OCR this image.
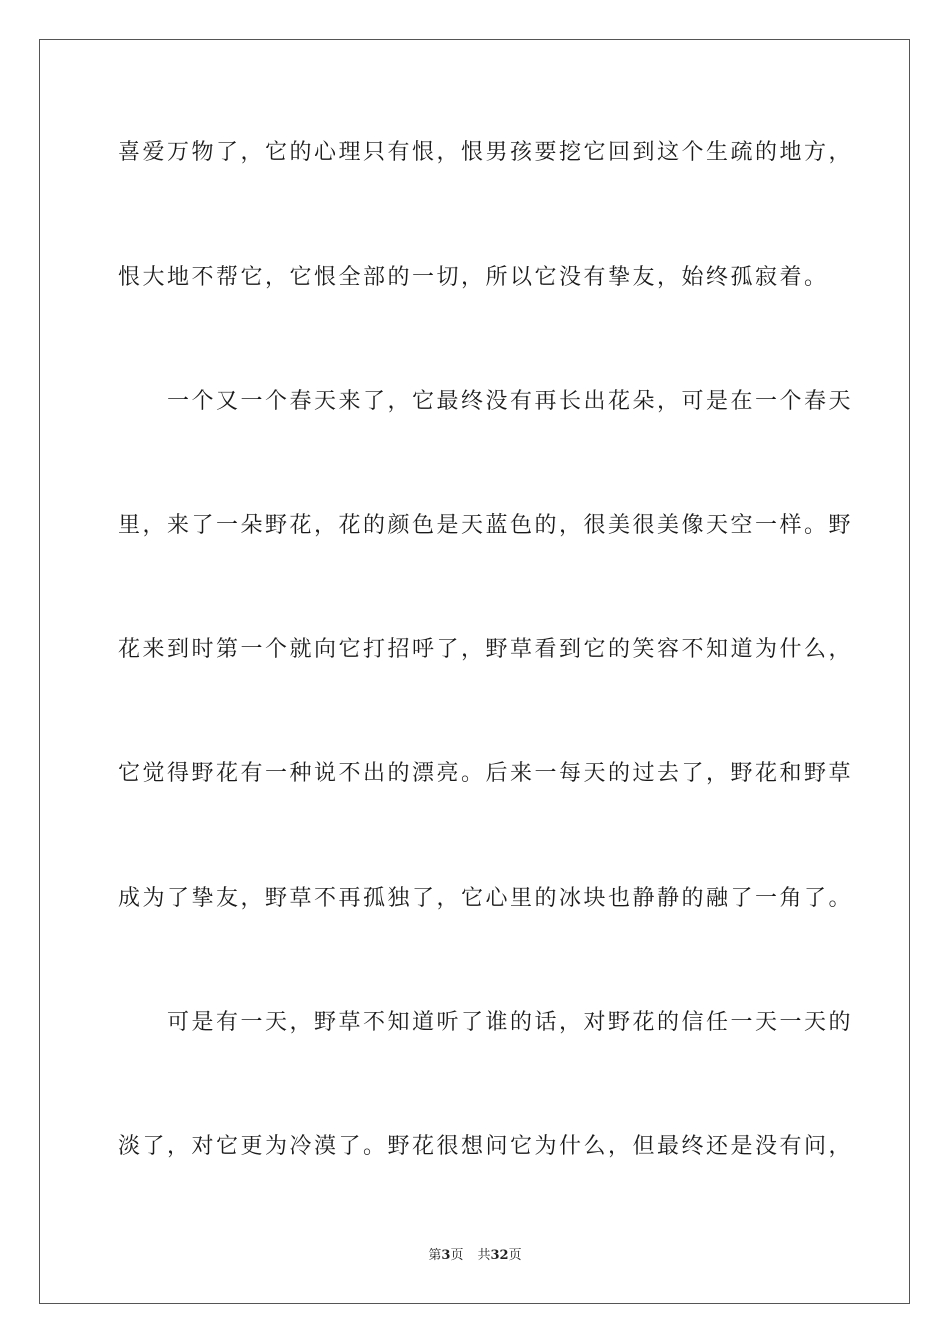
喜爱万物了，它的心理只有恨，恨男孩要挖它回到这个生疏的地方，
恨大地不帮它，它恨全部的一切，所以它没有挚友，始终孤寂着。
　　一个又一个春天来了，它最终没有再长出花朵，可是在一个春天
里，来了一朵野花，花的颜色是天蓝色的，很美很美像天空一样。野
花来到时第一个就向它打招呼了，野草看到它的笑容不知道为什么，
它觉得野花有一种说不出的漂亮。后来一每天的过去了，野花和野草
成为了挚友，野草不再孤独了，它心里的冰块也静静的融了一角了。
　　可是有一天，野草不知道听了谁的话，对野花的信任一天一天的
淡了，对它更为冷漠了。野花很想问它为什么，但最终还是没有问，
第3页 共32页
